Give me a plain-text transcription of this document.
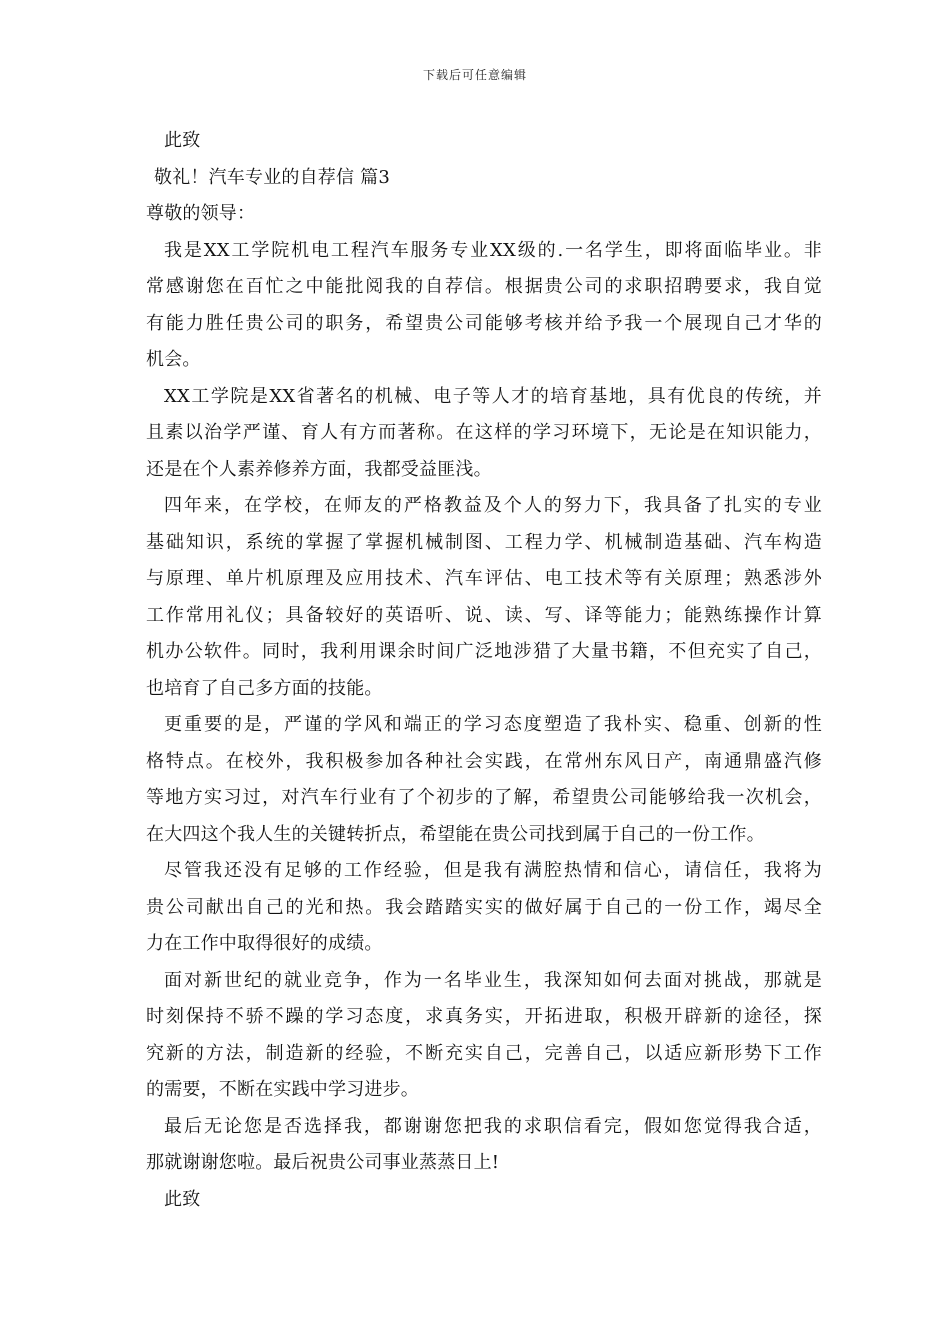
下载后可任意编辑
此致
敬礼！汽车专业的自荐信 篇3
尊敬的领导：
我是XX工学院机电工程汽车服务专业XX级的.一名学生，即将面临毕业。非
常感谢您在百忙之中能批阅我的自荐信。根据贵公司的求职招聘要求，我自觉
有能力胜任贵公司的职务，希望贵公司能够考核并给予我一个展现自己才华的
机会。
XX工学院是XX省著名的机械、电子等人才的培育基地，具有优良的传统，并
且素以治学严谨、育人有方而著称。在这样的学习环境下，无论是在知识能力，
还是在个人素养修养方面，我都受益匪浅。
四年来，在学校，在师友的严格教益及个人的努力下，我具备了扎实的专业
基础知识，系统的掌握了掌握机械制图、工程力学、机械制造基础、汽车构造
与原理、单片机原理及应用技术、汽车评估、电工技术等有关原理；熟悉涉外
工作常用礼仪；具备较好的英语听、说、读、写、译等能力；能熟练操作计算
机办公软件。同时，我利用课余时间广泛地涉猎了大量书籍，不但充实了自己，
也培育了自己多方面的技能。
更重要的是，严谨的学风和端正的学习态度塑造了我朴实、稳重、创新的性
格特点。在校外，我积极参加各种社会实践，在常州东风日产，南通鼎盛汽修
等地方实习过，对汽车行业有了个初步的了解，希望贵公司能够给我一次机会，
在大四这个我人生的关键转折点，希望能在贵公司找到属于自己的一份工作。
尽管我还没有足够的工作经验，但是我有满腔热情和信心，请信任，我将为
贵公司献出自己的光和热。我会踏踏实实的做好属于自己的一份工作，竭尽全
力在工作中取得很好的成绩。
面对新世纪的就业竞争，作为一名毕业生，我深知如何去面对挑战，那就是
时刻保持不骄不躁的学习态度，求真务实，开拓进取，积极开辟新的途径，探
究新的方法，制造新的经验，不断充实自己，完善自己，以适应新形势下工作
的需要，不断在实践中学习进步。
最后无论您是否选择我，都谢谢您把我的求职信看完，假如您觉得我合适，
那就谢谢您啦。最后祝贵公司事业蒸蒸日上!
此致
